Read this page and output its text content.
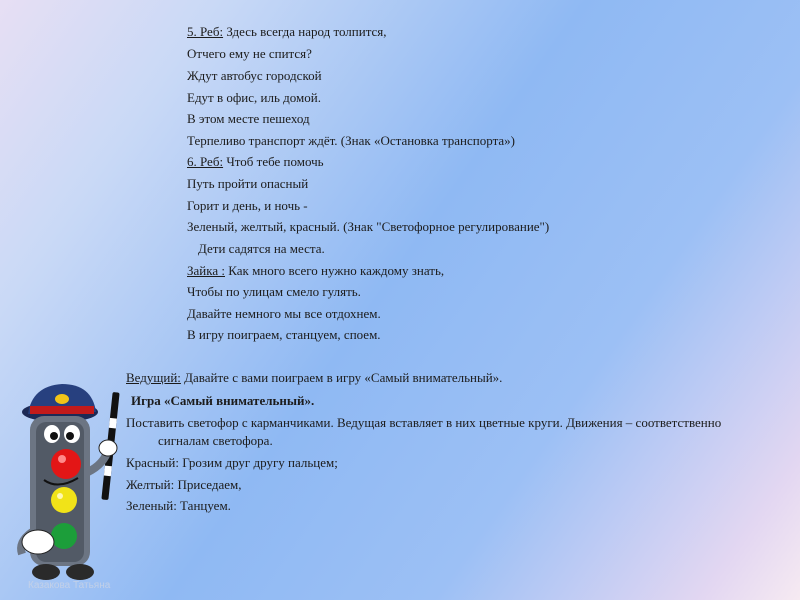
5. Реб: Здесь всегда народ толпится,
Отчего ему не спится?
Ждут автобус городской
Едут в офис, иль домой.
В этом месте пешеход
Терпеливо транспорт ждёт. (Знак «Остановка транспорта»)
6. Реб: Чтоб тебе помочь
Путь пройти опасный
Горит и день, и ночь -
Зеленый, желтый, красный. (Знак "Светофорное регулирование")
Дети садятся на места.
Зайка : Как много всего нужно каждому знать,
Чтобы по улицам смело гулять.
Давайте немного мы все отдохнем.
В игру поиграем, станцуем, споем.
Ведущий: Давайте с вами поиграем в игру «Самый внимательный».
Игра «Самый внимательный».
Поставить светофор с карманчиками. Ведущая вставляет в них цветные круги. Движения – соответственно сигналам светофора.
Красный: Грозим друг другу пальцем;
Желтый: Приседаем,
Зеленый: Танцуем.
Казакова Татьяна
